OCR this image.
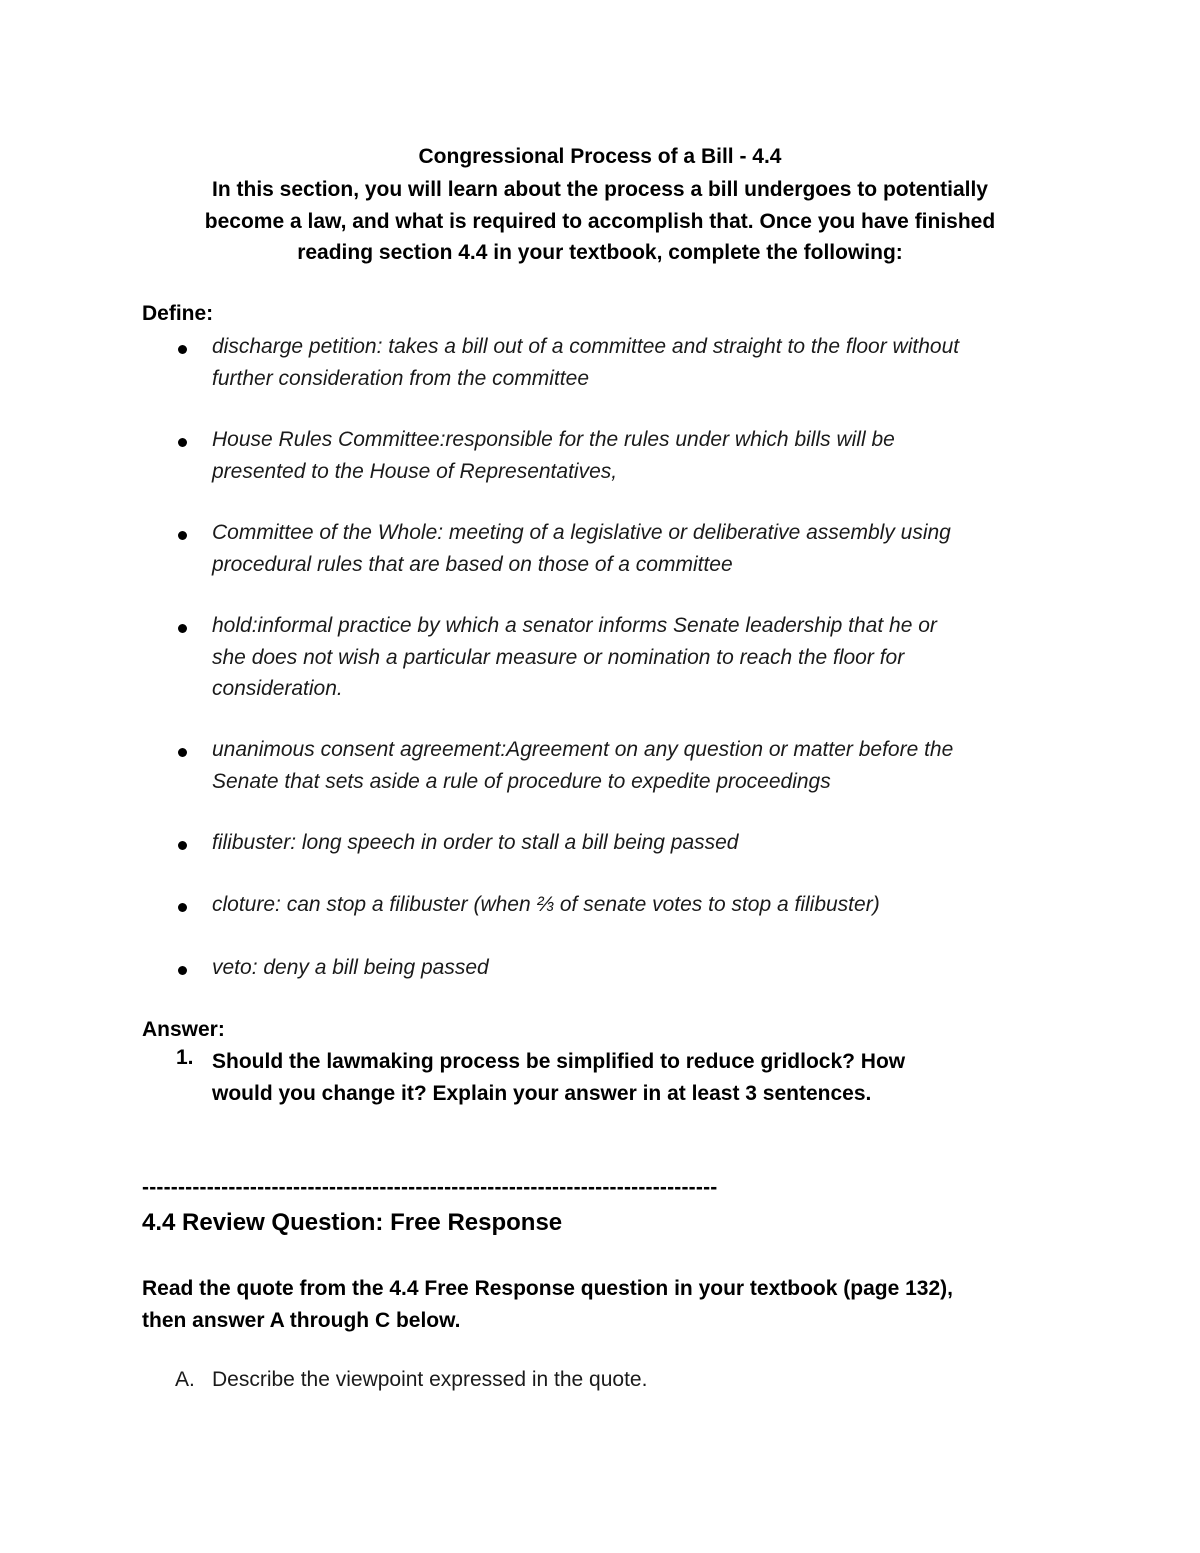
Congressional Process of a Bill - 4.4
In this section, you will learn about the process a bill undergoes to potentially
become a law, and what is required to accomplish that. Once you have finished
reading section 4.4 in your textbook, complete the following:
Define:
discharge petition: takes a bill out of a committee and straight to the floor without
further consideration from the committee
House Rules Committee:responsible for the rules under which bills will be
presented to the House of Representatives,
Committee of the Whole: meeting of a legislative or deliberative assembly using
procedural rules that are based on those of a committee
hold:informal practice by which a senator informs Senate leadership that he or
she does not wish a particular measure or nomination to reach the floor for
consideration.
unanimous consent agreement:Agreement on any question or matter before the
Senate that sets aside a rule of procedure to expedite proceedings
filibuster: long speech in order to stall a bill being passed
cloture: can stop a filibuster (when ⅔ of senate votes to stop a filibuster)
veto: deny a bill being passed
Answer:
1. Should the lawmaking process be simplified to reduce gridlock? How
would you change it? Explain your answer in at least 3 sentences.
--------------------------------------------------------------------------------
4.4 Review Question: Free Response
Read the quote from the 4.4 Free Response question in your textbook (page 132),
then answer A through C below.
A. Describe the viewpoint expressed in the quote.
